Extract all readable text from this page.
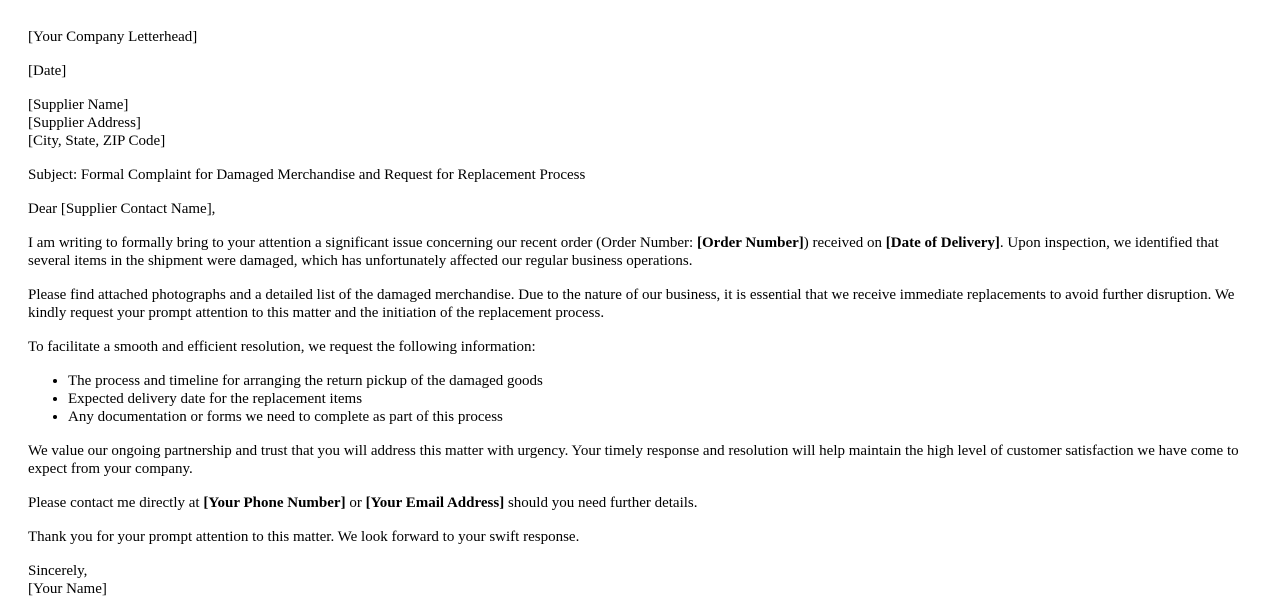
[Your Company Letterhead]

[Date]

[Supplier Name]
[Supplier Address]
[City, State, ZIP Code]

Subject: Formal Complaint for Damaged Merchandise and Request for Replacement Process

Dear [Supplier Contact Name],

I am writing to formally bring to your attention a significant issue concerning our recent order (Order Number: [Order Number]) received on [Date of Delivery]. Upon inspection, we identified that several items in the shipment were damaged, which has unfortunately affected our regular business operations.

Please find attached photographs and a detailed list of the damaged merchandise. Due to the nature of our business, it is essential that we receive immediate replacements to avoid further disruption. We kindly request your prompt attention to this matter and the initiation of the replacement process.

To facilitate a smooth and efficient resolution, we request the following information:

• The process and timeline for arranging the return pickup of the damaged goods
• Expected delivery date for the replacement items
• Any documentation or forms we need to complete as part of this process

We value our ongoing partnership and trust that you will address this matter with urgency. Your timely response and resolution will help maintain the high level of customer satisfaction we have come to expect from your company.

Please contact me directly at [Your Phone Number] or [Your Email Address] should you need further details.

Thank you for your prompt attention to this matter. We look forward to your swift response.

Sincerely,
[Your Name]
